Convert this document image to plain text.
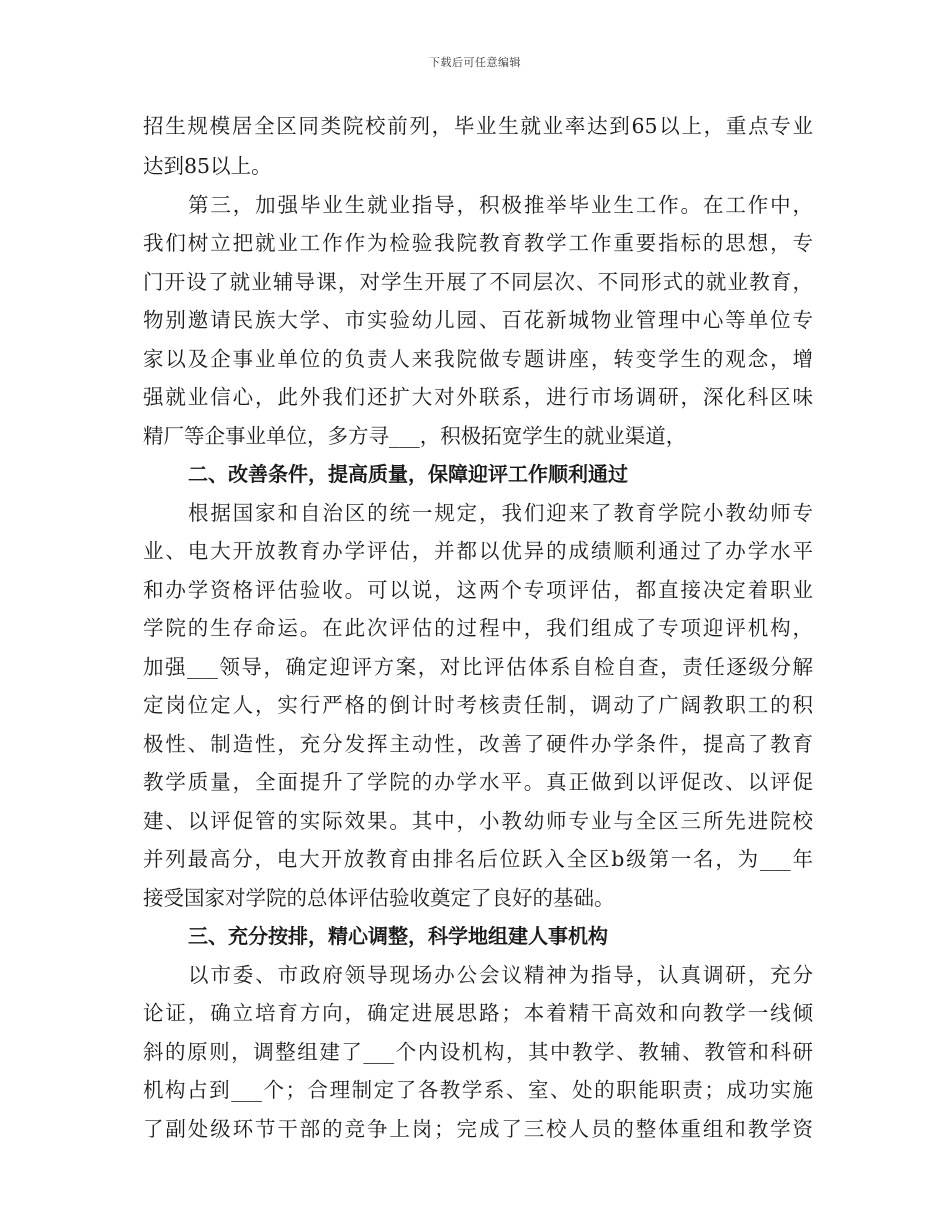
下载后可任意编辑
招生规模居全区同类院校前列，毕业生就业率达到65以上，重点专业
达到85以上。
第三，加强毕业生就业指导，积极推举毕业生工作。在工作中，
我们树立把就业工作作为检验我院教育教学工作重要指标的思想，专
门开设了就业辅导课，对学生开展了不同层次、不同形式的就业教育，
物别邀请民族大学、市实验幼儿园、百花新城物业管理中心等单位专
家以及企事业单位的负责人来我院做专题讲座，转变学生的观念，增
强就业信心，此外我们还扩大对外联系，进行市场调研，深化科区味
精厂等企事业单位，多方寻___，积极拓宽学生的就业渠道，
二、改善条件，提高质量，保障迎评工作顺利通过
根据国家和自治区的统一规定，我们迎来了教育学院小教幼师专
业、电大开放教育办学评估，并都以优异的成绩顺利通过了办学水平
和办学资格评估验收。可以说，这两个专项评估，都直接决定着职业
学院的生存命运。在此次评估的过程中，我们组成了专项迎评机构，
加强___领导，确定迎评方案，对比评估体系自检自查，责任逐级分解
定岗位定人，实行严格的倒计时考核责任制，调动了广阔教职工的积
极性、制造性，充分发挥主动性，改善了硬件办学条件，提高了教育
教学质量，全面提升了学院的办学水平。真正做到以评促改、以评促
建、以评促管的实际效果。其中，小教幼师专业与全区三所先进院校
并列最高分，电大开放教育由排名后位跃入全区b级第一名，为___年
接受国家对学院的总体评估验收奠定了良好的基础。
三、充分按排，精心调整，科学地组建人事机构
以市委、市政府领导现场办公会议精神为指导，认真调研，充分
论证，确立培育方向，确定进展思路；本着精干高效和向教学一线倾
斜的原则，调整组建了___个内设机构，其中教学、教辅、教管和科研
机构占到___个；合理制定了各教学系、室、处的职能职责；成功实施
了副处级环节干部的竞争上岗；完成了三校人员的整体重组和教学资
